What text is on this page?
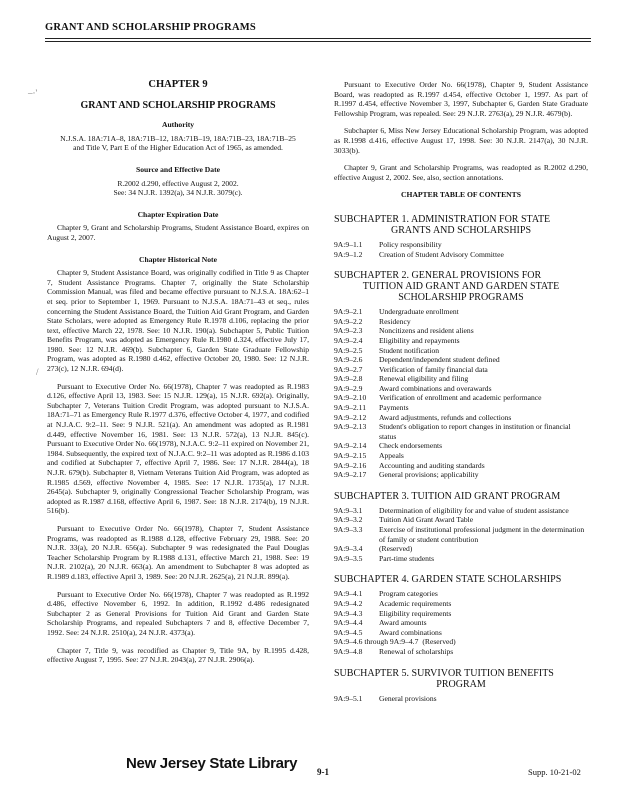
GRANT AND SCHOLARSHIP PROGRAMS
–·'
/
CHAPTER 9
GRANT AND SCHOLARSHIP PROGRAMS
Authority
N.J.S.A. 18A:71A–8, 18A:71B–12, 18A:71B–19, 18A:71B–23, 18A:71B–25 and Title V, Part E of the Higher Education Act of 1965, as amended.
Source and Effective Date
R.2002 d.290, effective August 2, 2002.
See: 34 N.J.R. 1392(a), 34 N.J.R. 3079(c).
Chapter Expiration Date

Chapter 9, Grant and Scholarship Programs, Student Assistance Board, expires on August 2, 2007.

Chapter Historical Note

Chapter 9, Student Assistance Board, was originally codified in Title 9 as Chapter 7, Student Assistance Programs. Chapter 7, originally the State Scholarship Commission Manual, was filed and became effective pursuant to N.J.S.A. 18A:62–1 et seq. prior to September 1, 1969. Pursuant to N.J.S.A. 18A:71–43 et seq., rules concerning the Student Assistance Board, the Tuition Aid Grant Program, and Garden State Scholars, were adopted as Emergency Rule R.1978 d.106, replacing the prior text, effective March 22, 1978. See: 10 N.J.R. 190(a). Subchapter 5, Public Tuition Benefits Program, was adopted as Emergency Rule R.1980 d.324, effective July 17, 1980. See: 12 N.J.R. 469(b). Subchapter 6, Garden State Graduate Fellowship Program, was adopted as R.1980 d.462, effective October 20, 1980. See: 12 N.J.R. 273(c), 12 N.J.R. 694(d).

Pursuant to Executive Order No. 66(1978), Chapter 7 was readopted as R.1983 d.126, effective April 13, 1983. See: 15 N.J.R. 129(a), 15 N.J.R. 692(a). Originally, Subchapter 7, Veterans Tuition Credit Program, was adopted pursuant to N.J.S.A. 18A:71–71 as Emergency Rule R.1977 d.376, effective October 4, 1977, and codified at N.J.A.C. 9:2–11. See: 9 N.J.R. 521(a). An amendment was adopted as R.1981 d.449, effective November 16, 1981. See: 13 N.J.R. 572(a), 13 N.J.R. 845(c). Pursuant to Executive Order No. 66(1978), N.J.A.C. 9:2–11 expired on November 21, 1984. Subsequently, the expired text of N.J.A.C. 9:2–11 was adopted as R.1986 d.103 and codified at Subchapter 7, effective April 7, 1986. See: 17 N.J.R. 2844(a), 18 N.J.R. 679(b). Subchapter 8, Vietnam Veterans Tuition Aid Program, was adopted as R.1985 d.569, effective November 4, 1985. See: 17 N.J.R. 1735(a), 17 N.J.R. 2645(a). Subchapter 9, originally Congressional Teacher Scholarship Program, was adopted as R.1987 d.168, effective April 6, 1987. See: 18 N.J.R. 2174(b), 19 N.J.R. 516(b).

Pursuant to Executive Order No. 66(1978), Chapter 7, Student Assistance Programs, was readopted as R.1988 d.128, effective February 29, 1988. See: 20 N.J.R. 33(a), 20 N.J.R. 656(a). Subchapter 9 was redesignated the Paul Douglas Teacher Scholarship Program by R.1988 d.131, effective March 21, 1988. See: 19 N.J.R. 2102(a), 20 N.J.R. 663(a). An amendment to Subchapter 8 was adopted as R.1989 d.183, effective April 3, 1989. See: 20 N.J.R. 2625(a), 21 N.J.R. 899(a).

Pursuant to Executive Order No. 66(1978), Chapter 7 was readopted as R.1992 d.486, effective November 6, 1992. In addition, R.1992 d.486 redesignated Subchapter 2 as General Provisions for Tuition Aid Grant and Garden State Scholarship Programs, and repealed Subchapters 7 and 8, effective December 7, 1992. See: 24 N.J.R. 2510(a), 24 N.J.R. 4373(a).

Chapter 7, Title 9, was recodified as Chapter 9, Title 9A, by R.1995 d.428, effective August 7, 1995. See: 27 N.J.R. 2043(a), 27 N.J.R. 2906(a).

Pursuant to Executive Order No. 66(1978), Chapter 9, Student Assistance Board, was readopted as R.1997 d.454, effective October 1, 1997. As part of R.1997 d.454, effective November 3, 1997, Subchapter 6, Garden State Graduate Fellowship Program, was repealed. See: 29 N.J.R. 2763(a), 29 N.J.R. 4679(b).

Subchapter 6, Miss New Jersey Educational Scholarship Program, was adopted as R.1998 d.416, effective August 17, 1998. See: 30 N.J.R. 2147(a), 30 N.J.R. 3033(b).

Chapter 9, Grant and Scholarship Programs, was readopted as R.2002 d.290, effective August 2, 2002. See, also, section annotations.

CHAPTER TABLE OF CONTENTS
SUBCHAPTER 1. ADMINISTRATION FOR STATE
GRANTS AND SCHOLARSHIPS
9A:9–1.1	Policy responsibility
9A:9–1.2	Creation of Student Advisory Committee
SUBCHAPTER 2. GENERAL PROVISIONS FOR
TUITION AID GRANT AND GARDEN STATE SCHOLARSHIP PROGRAMS
9A:9–2.1	Undergraduate enrollment
9A:9–2.2	Residency
9A:9–2.3	Noncitizens and resident aliens
9A:9–2.4	Eligibility and repayments
9A:9–2.5	Student notification
9A:9–2.6	Dependent/independent student defined
9A:9–2.7	Verification of family financial data
9A:9–2.8	Renewal eligibility and filing
9A:9–2.9	Award combinations and overawards
9A:9–2.10	Verification of enrollment and academic performance
9A:9–2.11	Payments
9A:9–2.12	Award adjustments, refunds and collections
9A:9–2.13	Student's obligation to report changes in institution or financial status
9A:9–2.14	Check endorsements
9A:9–2.15	Appeals
9A:9–2.16	Accounting and auditing standards
9A:9–2.17	General provisions; applicability
SUBCHAPTER 3. TUITION AID GRANT PROGRAM
9A:9–3.1	Determination of eligibility for and value of student assistance
9A:9–3.2	Tuition Aid Grant Award Table
9A:9–3.3	Exercise of institutional professional judgment in the determination of family or student contribution
9A:9–3.4	(Reserved)
9A:9–3.5	Part-time students
SUBCHAPTER 4. GARDEN STATE SCHOLARSHIPS
9A:9–4.1	Program categories
9A:9–4.2	Academic requirements
9A:9–4.3	Eligibility requirements
9A:9–4.4	Award amounts
9A:9–4.5	Award combinations
9A:9–4.6 through 9A:9–4.7 (Reserved)
9A:9–4.8	Renewal of scholarships
SUBCHAPTER 5. SURVIVOR TUITION BENEFITS
PROGRAM
9A:9–5.1	General provisions
New Jersey State Library 9-1	Supp. 10-21-02
